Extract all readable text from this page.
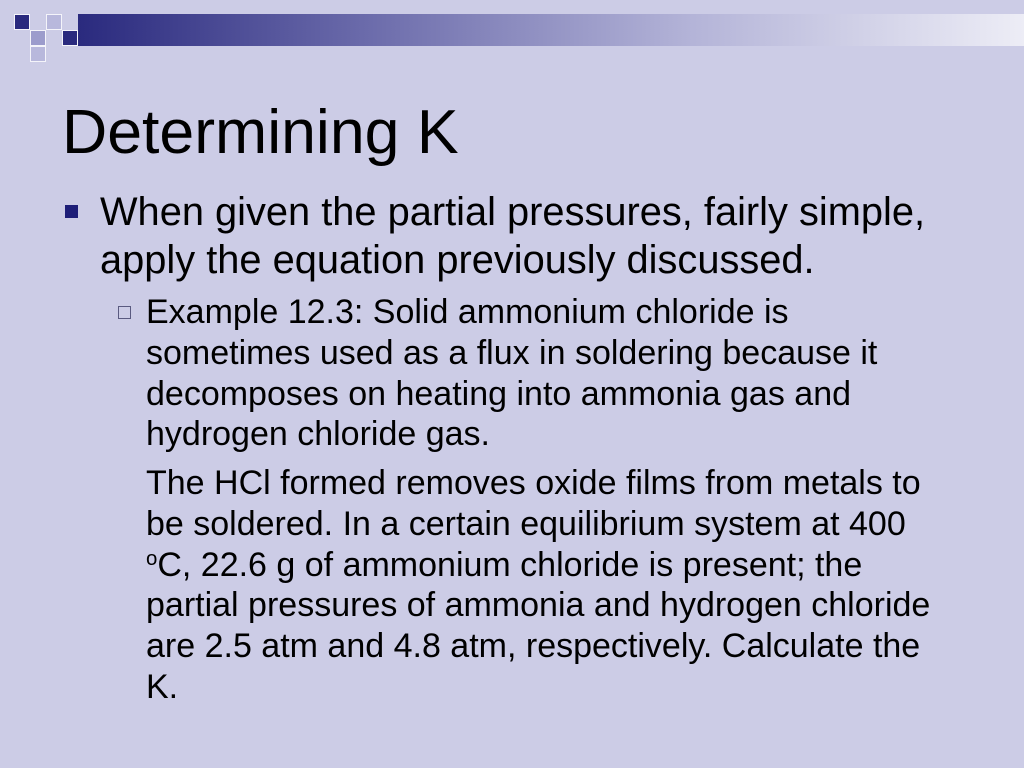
Determining K
When given the partial pressures, fairly simple,
apply the equation previously discussed.
Example 12.3: Solid ammonium chloride is
sometimes used as a flux in soldering because it
decomposes on heating into ammonia gas and
hydrogen chloride gas.
The HCl formed removes oxide films from metals to
be soldered. In a certain equilibrium system at 400
$^o$C, 22.6 g of ammonium chloride is present; the
partial pressures of ammonia and hydrogen chloride
are 2.5 atm and 4.8 atm, respectively. Calculate the
K.
